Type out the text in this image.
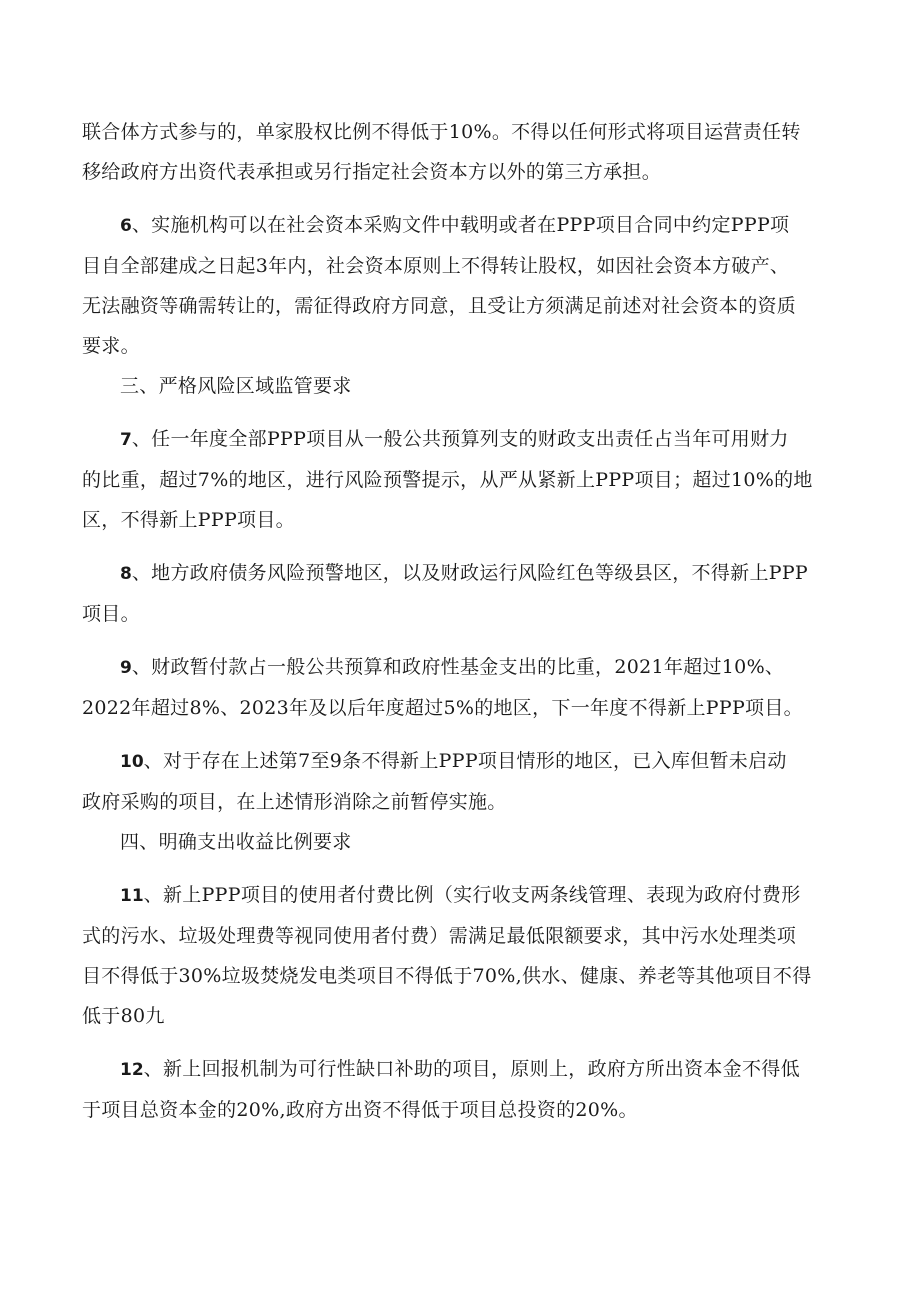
联合体方式参与的，单家股权比例不得低于10%。不得以任何形式将项目运营责任转
移给政府方出资代表承担或另行指定社会资本方以外的第三方承担。

6、实施机构可以在社会资本采购文件中载明或者在PPP项目合同中约定PPP项
目自全部建成之日起3年内，社会资本原则上不得转让股权，如因社会资本方破产、
无法融资等确需转让的，需征得政府方同意，且受让方须满足前述对社会资本的资质
要求。

三、严格风险区域监管要求

7、任一年度全部PPP项目从一般公共预算列支的财政支出责任占当年可用财力
的比重，超过7%的地区，进行风险预警提示，从严从紧新上PPP项目；超过10%的地
区，不得新上PPP项目。

8、地方政府债务风险预警地区，以及财政运行风险红色等级县区，不得新上PPP
项目。

9、财政暂付款占一般公共预算和政府性基金支出的比重，2021年超过10%、
2022年超过8%、2023年及以后年度超过5%的地区，下一年度不得新上PPP项目。

10、对于存在上述第7至9条不得新上PPP项目情形的地区，已入库但暂未启动
政府采购的项目，在上述情形消除之前暂停实施。

四、明确支出收益比例要求

11、新上PPP项目的使用者付费比例（实行收支两条线管理、表现为政府付费形
式的污水、垃圾处理费等视同使用者付费）需满足最低限额要求，其中污水处理类项
目不得低于30%垃圾焚烧发电类项目不得低于70%,供水、健康、养老等其他项目不得
低于80九

12、新上回报机制为可行性缺口补助的项目，原则上，政府方所出资本金不得低
于项目总资本金的20%,政府方出资不得低于项目总投资的20%。
